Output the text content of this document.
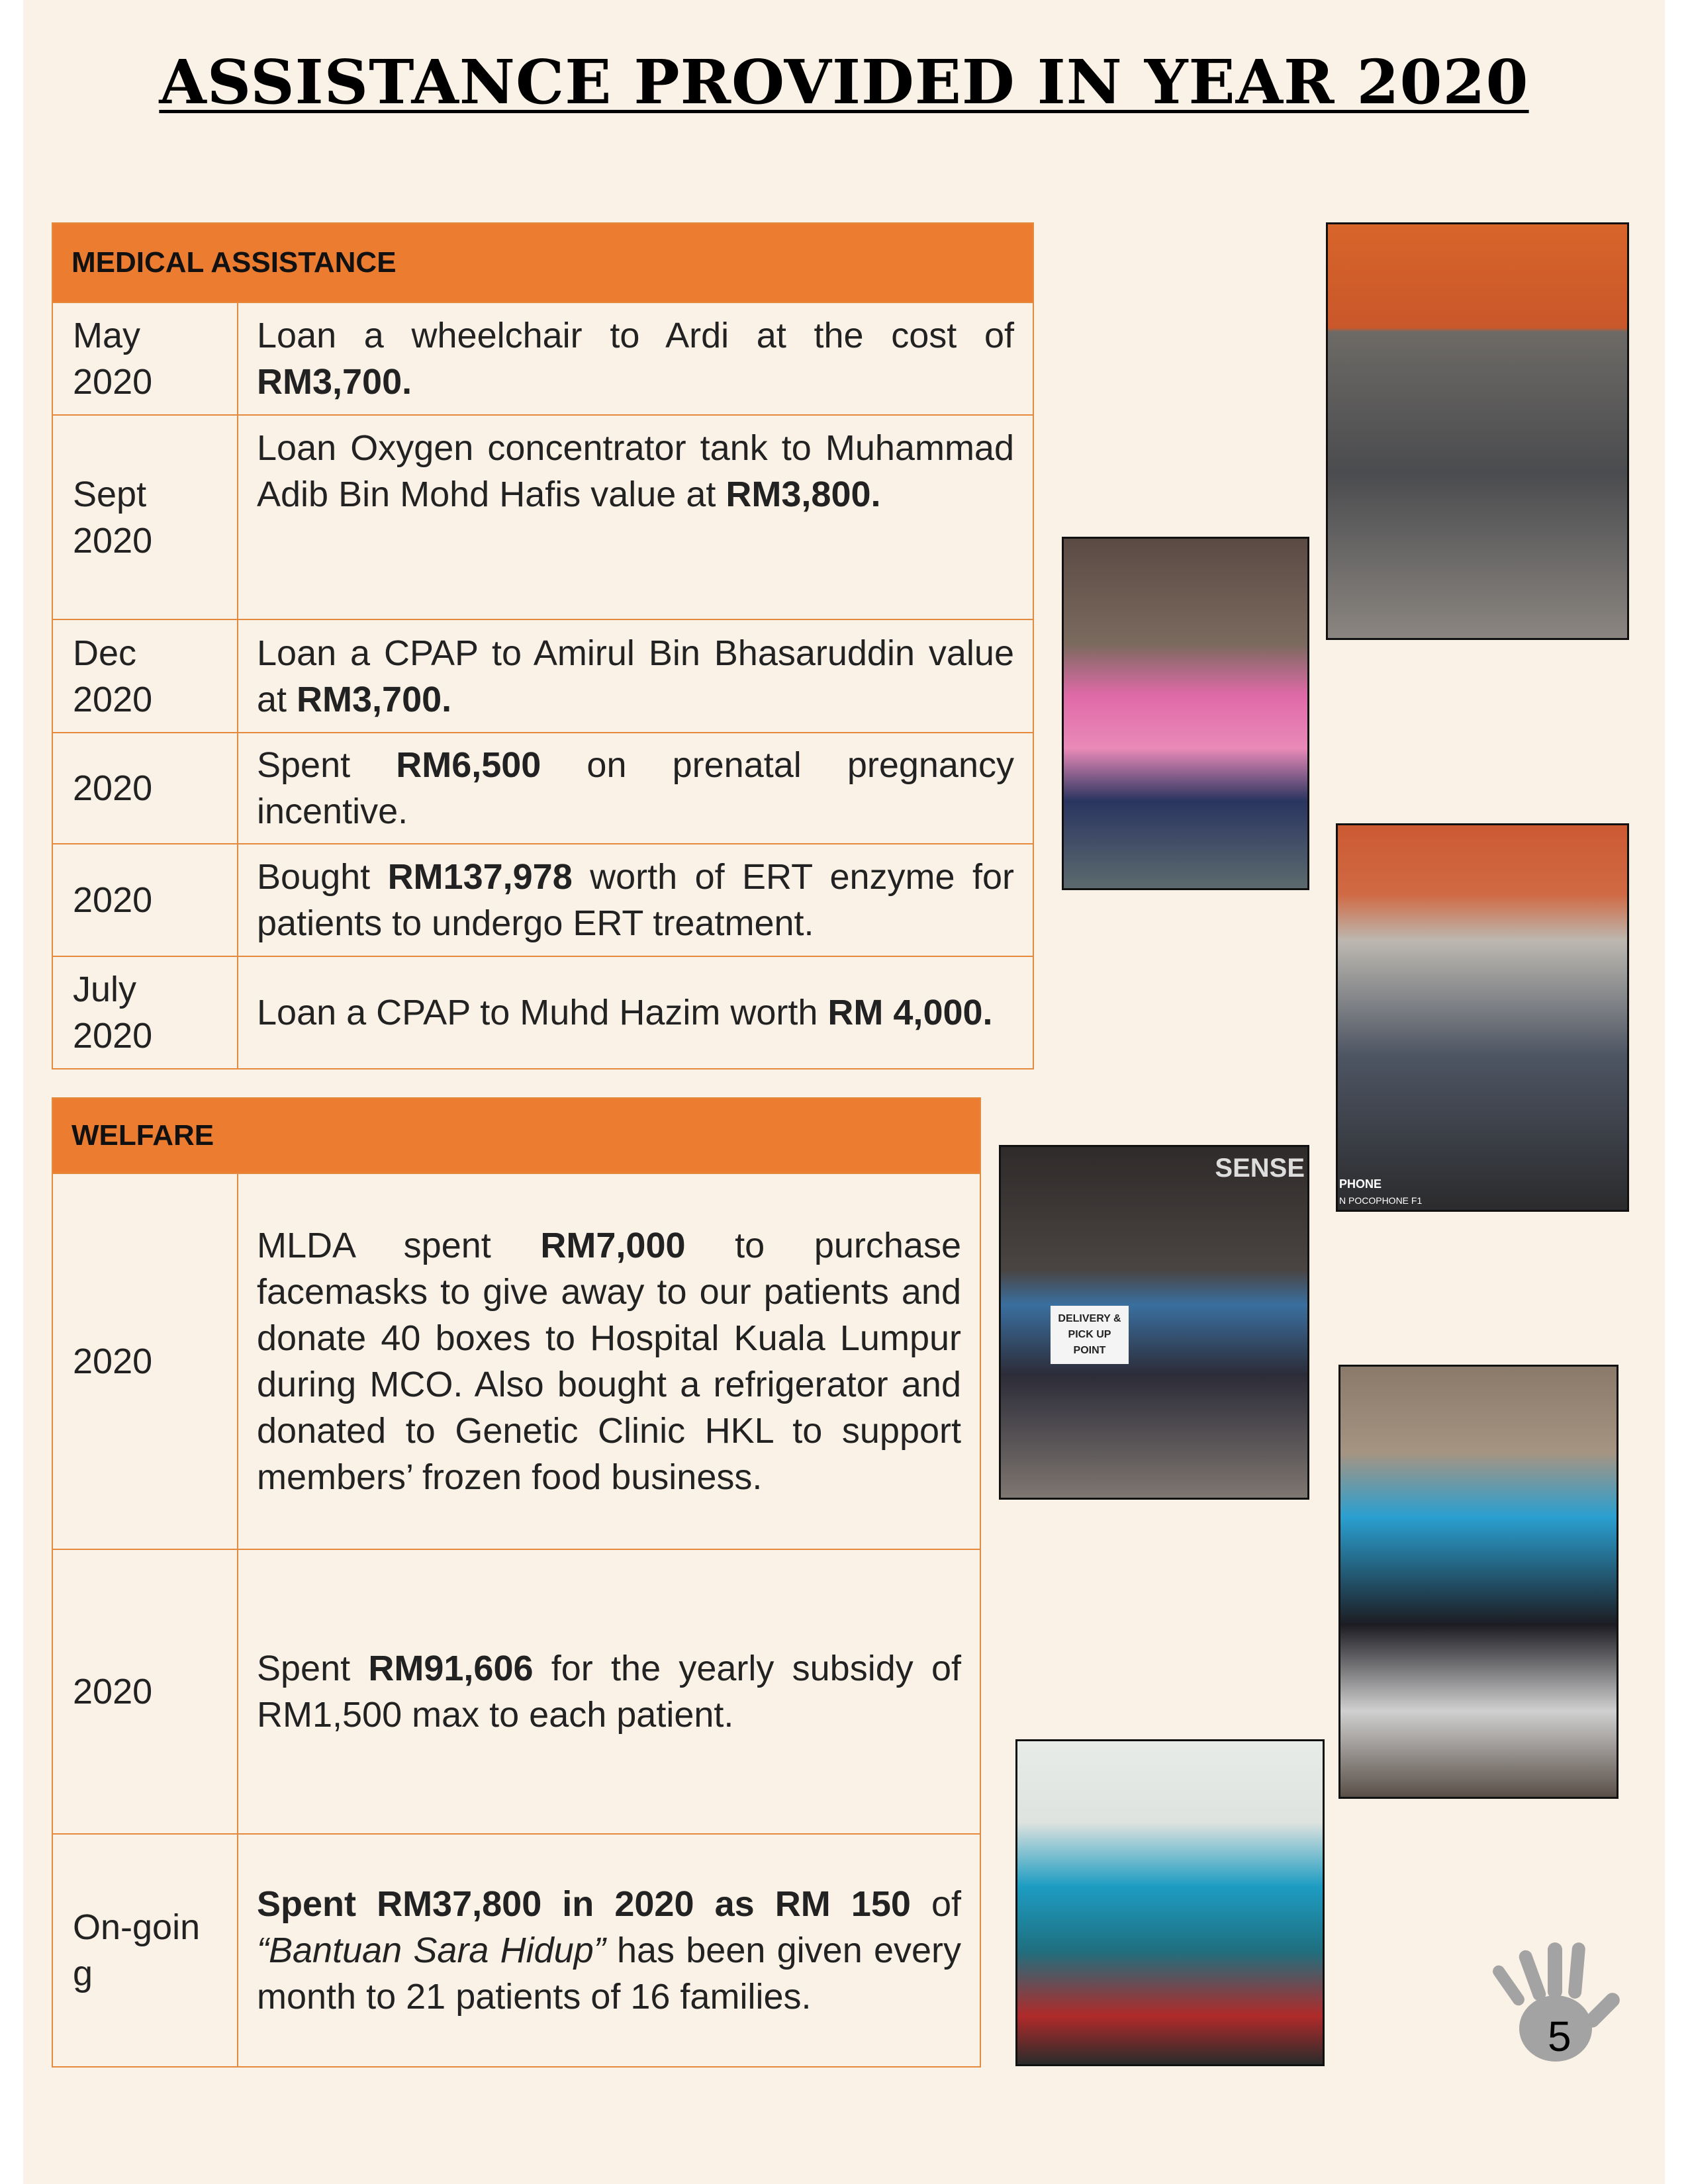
ASSISTANCE PROVIDED IN YEAR 2020
MEDICAL ASSISTANCE	
May 2020	Loan a wheelchair to Ardi at the cost of RM3,700.
Sept 2020	Loan Oxygen concentrator tank to Muhammad Adib Bin Mohd Hafis value at RM3,800.
Dec 2020	Loan a CPAP to Amirul Bin Bhasaruddin value at RM3,700.
2020	Spent RM6,500 on prenatal pregnancy incentive.
2020	Bought RM137,978 worth of ERT enzyme for patients to undergo ERT treatment.
July 2020	Loan a CPAP to Muhd Hazim worth RM 4,000.
WELFARE	
2020	MLDA spent RM7,000 to purchase facemasks to give away to our patients and donate 40 boxes to Hospital Kuala Lumpur during MCO. Also bought a refrigerator and donated to Genetic Clinic HKL to support members’ frozen food business.
2020	Spent RM91,606 for the yearly subsidy of RM1,500 max to each patient.
On-going	Spent RM37,800 in 2020 as RM 150 of “Bantuan Sara Hidup” has been given every month to 21 patients of 16 families.
PHONE
N POCOPHONE F1
SENSE
DELIVERY & PICK UP POINT
5
